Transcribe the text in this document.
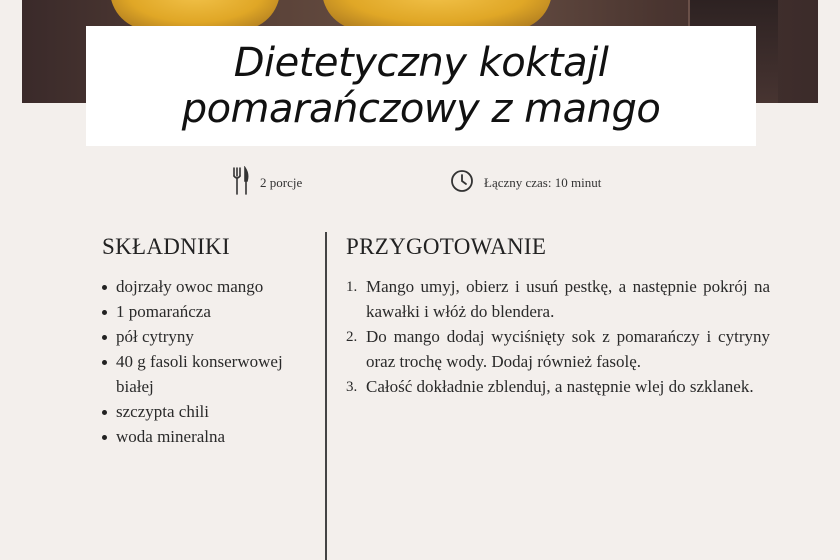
Dietetyczny koktajl
pomarańczowy z mango
2 porcje	Łączny czas: 10 minut
SKŁADNIKI
dojrzały owoc mango
1 pomarańcza
pół cytryny
40 g fasoli konserwowej białej
szczypta chili
woda mineralna
PRZYGOTOWANIE
1. Mango umyj, obierz i usuń pestkę, a następnie pokrój na kawałki i włóż do blendera.
2. Do mango dodaj wyciśnięty sok z pomarańczy i cytryny oraz trochę wody. Dodaj również fasolę.
3. Całość dokładnie zblenduj, a następnie wlej do szklanek.
